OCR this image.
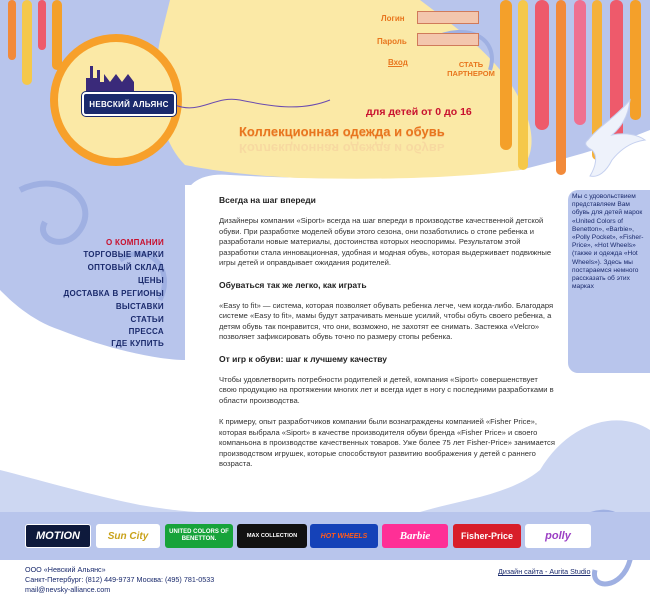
НЕВСКИЙ АЛЬЯНС
Логин
Пароль
Вход	СТАТЬ
ПАРТНЕРОМ
для детей от 0 до 16
Коллекционная одежда и обувь
Коллекционная одежда и обувь
О КОМПАНИИ
ТОРГОВЫЕ МАРКИ
ОПТОВЫЙ СКЛАД
ЦЕНЫ
ДОСТАВКА В РЕГИОНЫ
ВЫСТАВКИ
СТАТЬИ
ПРЕССА
ГДЕ КУПИТЬ
Всегда на шаг впереди

Дизайнеры компании «Siport» всегда на шаг впереди в производстве качественной детской обуви. При разработке моделей обуви этого сезона, они позаботились о стопе ребенка и разработали новые материалы, достоинства которых неоспоримы. Результатом этой разработки стала инновационная, удобная и модная обувь, которая выдерживает подвижные игры детей и оправдывает ожидания родителей.

Обуваться так же легко, как играть

«Easy to fit» — система, которая позволяет обувать ребенка легче, чем когда-либо. Благодаря системе «Easy to fit», мамы будут затрачивать меньше усилий, чтобы обуть своего ребенка, а детям обувь так понравится, что они, возможно, не захотят ее снимать. Застежка «Velcro» позволяет зафиксировать обувь точно по размеру стопы ребенка.

От игр к обуви: шаг к лучшему качеству

Чтобы удовлетворить потребности родителей и детей, компания «Siport» совершенствует свою продукцию на протяжении многих лет и всегда идет в ногу с последними разработками в области производства.

К примеру, опыт разработчиков компании были вознаграждены компанией «Fisher Price», которая выбрала «Siport» в качестве производителя обуви бренда «Fisher Price» и своего компаньона в производстве качественных товаров. Уже более 75 лет Fisher-Price» занимается производством игрушек, которые способствуют развитию воображения у детей с раннего возраста.

Мы с удовольствием представляем Вам обувь для детей марок «United Colors of Benetton», «Barbie», «Polly Pocket», «Fisher-Price», «Hot Wheels» (также и одежда «Hot Wheels»). Здесь мы постараемся немного рассказать об этих марках
MOTION	Sun City	UNITED COLORS OF BENETTON.	MAX COLLECTION	HOT WHEELS	Barbie	Fisher-Price	polly
ООО «Невский Альянс»
Санкт-Петербург: (812) 449-9737 Москва: (495) 781-0533
mail@nevsky-alliance.com
Дизайн сайта - Aurita Studio
